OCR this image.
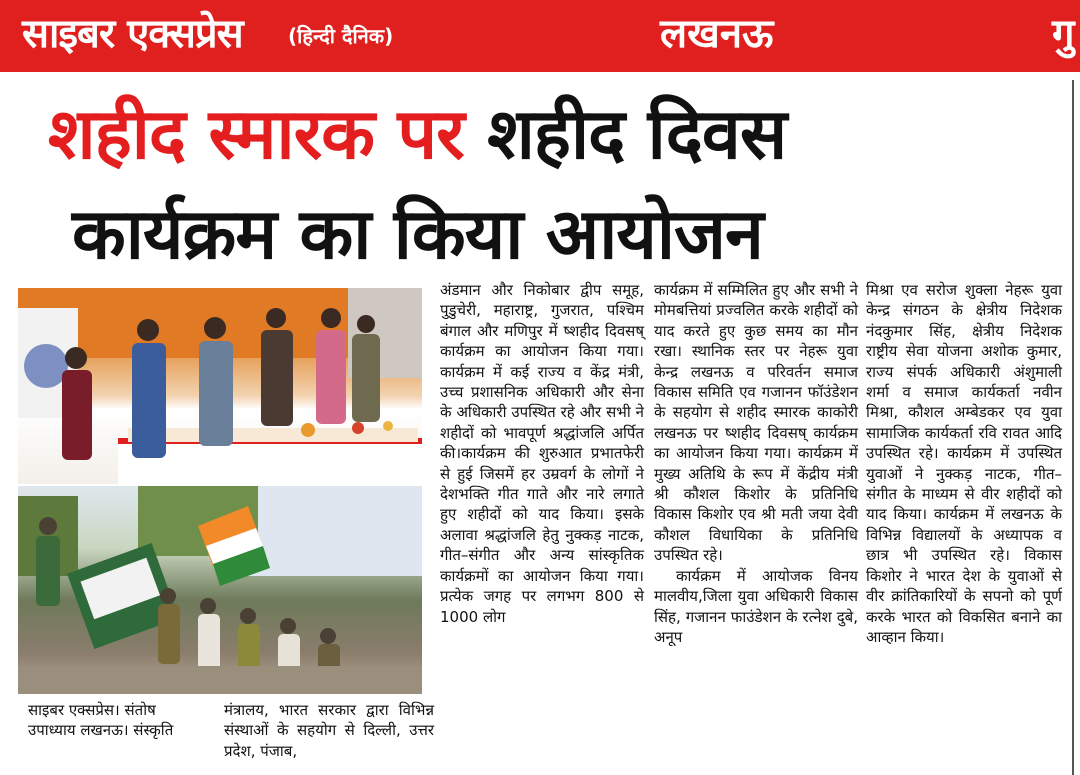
साइबर एक्सप्रेस (हिन्दी दैनिक)	लखनऊ	गु
शहीद स्मारक पर शहीद दिवस
कार्यक्रम का किया आयोजन
साइबर एक्सप्रेस। संतोष उपाध्याय लखनऊ। संस्कृति
मंत्रालय, भारत सरकार द्वारा विभिन्न संस्थाओं के सहयोग से दिल्ली, उत्तर प्रदेश, पंजाब,
अंडमान और निकोबार द्वीप समूह, पुडुचेरी, महाराष्ट्र, गुजरात, पश्चिम बंगाल और मणिपुर में ष्शहीद दिवसष् कार्यक्रम का आयोजन किया गया। कार्यक्रम में कई राज्य व केंद्र मंत्री, उच्च प्रशासनिक अधिकारी और सेना के अधिकारी उपस्थित रहे और सभी ने शहीदों को भावपूर्ण श्रद्धांजलि अर्पित की।कार्यक्रम की शुरुआत प्रभातफेरी से हुई जिसमें हर उम्रवर्ग के लोगों ने देशभक्ति गीत गाते और नारे लगाते हुए शहीदों को याद किया। इसके अलावा श्रद्धांजलि हेतु नुक्कड़ नाटक, गीत–संगीत और अन्य सांस्कृतिक कार्यक्रमों का आयोजन किया गया। प्रत्येक जगह पर लगभग 800 से 1000 लोग

कार्यक्रम में सम्मिलित हुए और सभी ने मोमबत्तियां प्रज्वलित करके शहीदों को याद करते हुए कुछ समय का मौन रखा। स्थानिक स्तर पर नेहरू युवा केन्द्र लखनऊ व परिवर्तन समाज विकास समिति एव गजानन फॉउंडेशन के सहयोग से शहीद स्मारक काकोरी लखनऊ पर ष्शहीद दिवसष् कार्यक्रम का आयोजन किया गया। कार्यक्रम में मुख्य अतिथि के रूप में केंद्रीय मंत्री श्री कौशल किशोर के प्रतिनिधि विकास किशोर एव श्री मती जया देवी कौशल विधायिका के प्रतिनिधि उपस्थित रहे।

कार्यक्रम में आयोजक विनय मालवीय,जिला युवा अधिकारी विकास सिंह, गजानन फाउंडेशन के रत्नेश दुबे, अनूप

मिश्रा एव सरोज शुक्ला नेहरू युवा केन्द्र संगठन के क्षेत्रीय निदेशक नंदकुमार सिंह, क्षेत्रीय निदेशक राष्ट्रीय सेवा योजना अशोक कुमार, राज्य संपर्क अधिकारी अंशुमाली शर्मा व समाज कार्यकर्ता नवीन मिश्रा, कौशल अम्बेडकर एव युवा सामाजिक कार्यकर्ता रवि रावत आदि उपस्थित रहे। कार्यक्रम में उपस्थित युवाओं ने नुक्कड़ नाटक, गीत– संगीत के माध्यम से वीर शहीदों को याद किया। कार्यक्रम में लखनऊ के विभिन्न विद्यालयों के अध्यापक व छात्र भी उपस्थित रहे। विकास किशोर ने भारत देश के युवाओं से वीर क्रांतिकारियों के सपनो को पूर्ण करके भारत को विकसित बनाने का आव्हान किया।
